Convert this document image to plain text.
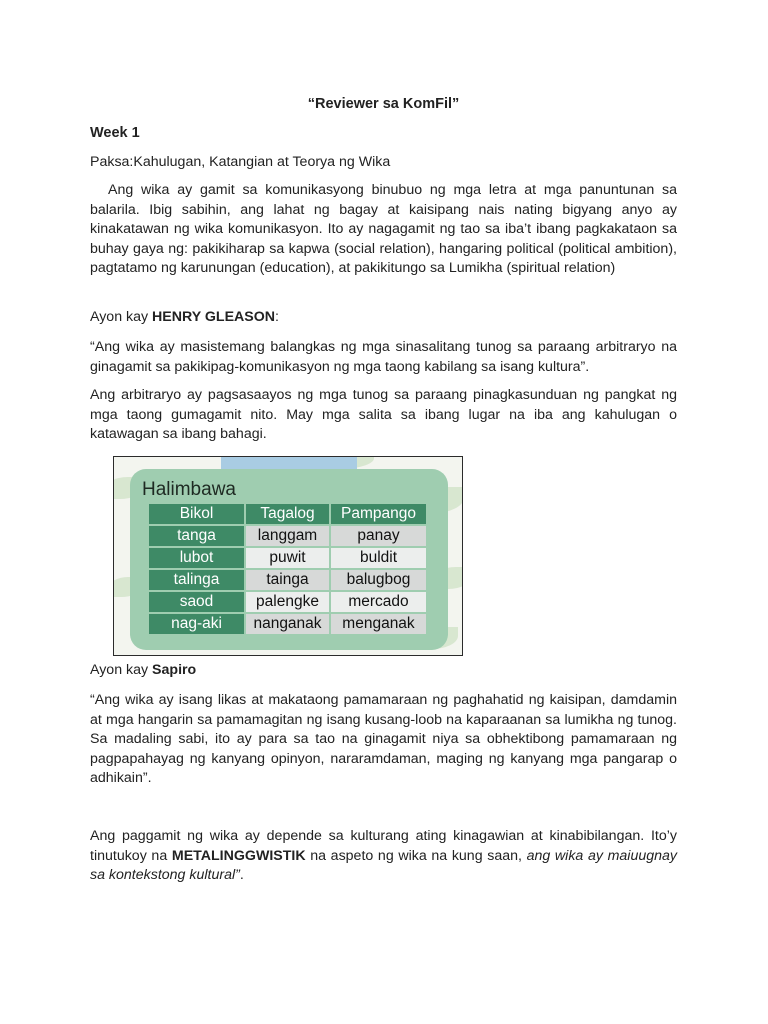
“Reviewer sa KomFil”
Week 1
Paksa:Kahulugan, Katangian at Teorya ng Wika

Ang wika ay gamit sa komunikasyong binubuo ng mga letra at mga panuntunan sa balarila. Ibig sabihin, ang lahat ng bagay at kaisipang nais nating bigyang anyo ay kinakatawan ng wika komunikasyon. Ito ay nagagamit ng tao sa iba’t ibang pagkakataon sa buhay gaya ng: pakikiharap sa kapwa (social relation), hangaring political (political ambition), pagtatamo ng karunungan (education), at pakikitungo sa Lumikha (spiritual relation)

Ayon kay HENRY GLEASON:

“Ang wika ay masistemang balangkas ng mga sinasalitang tunog sa paraang arbitraryo na ginagamit sa pakikipag-komunikasyon ng mga taong kabilang sa isang kultura”.

Ang arbitraryo ay pagsasaayos ng mga tunog sa paraang pinagkasunduan ng pangkat ng mga taong gumagamit nito. May mga salita sa ibang lugar na iba ang kahulugan o katawagan sa ibang bahagi.

Ayon kay Sapiro

“Ang wika ay isang likas at makataong pamamaraan ng paghahatid ng kaisipan, damdamin at mga hangarin sa pamamagitan ng isang kusang-loob na kaparaanan sa lumikha ng tunog. Sa madaling sabi, ito ay para sa tao na ginagamit niya sa obhektibong pamamaraan ng pagpapahayag ng kanyang opinyon, nararamdaman, maging ng kanyang mga pangarap o adhikain”.

Ang paggamit ng wika ay depende sa kulturang ating kinagawian at kinabibilangan. Ito’y tinutukoy na METALINGGWISTIK na aspeto ng wika na kung saan, ang wika ay maiuugnay sa kontekstong kultural”.

Halimbawa
Bikol	Tagalog	Pampango
tanga	langgam	panay
lubot	puwit	buldit
talinga	tainga	balugbog
saod	palengke	mercado
nag-aki	nanganak	menganak
